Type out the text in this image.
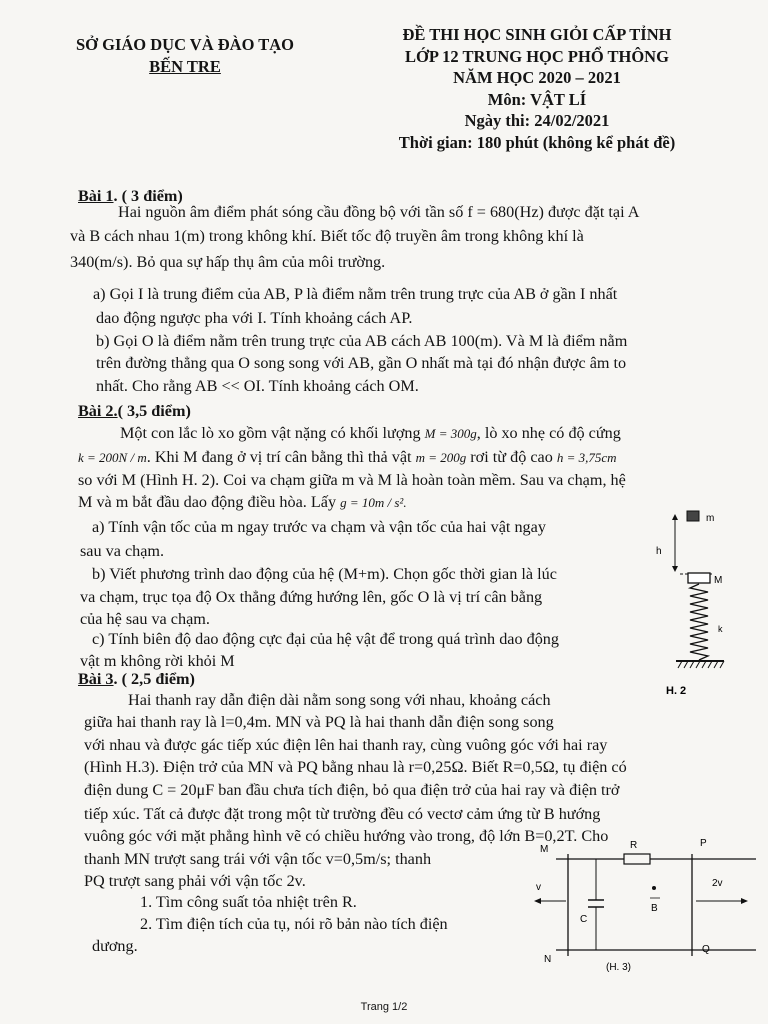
SỞ GIÁO DỤC VÀ ĐÀO TẠO
BẾN TRE
ĐỀ THI HỌC SINH GIỎI CẤP TỈNH
LỚP 12 TRUNG HỌC PHỔ THÔNG
NĂM HỌC 2020 – 2021
Môn: VẬT LÍ
Ngày thi: 24/02/2021
Thời gian: 180 phút (không kể phát đề)
Bài 1. ( 3 điểm)
Hai nguồn âm điểm phát sóng cầu đồng bộ với tần số f = 680(Hz) được đặt tại A
và B cách nhau 1(m) trong không khí. Biết tốc độ truyền âm trong không khí là
340(m/s). Bỏ qua sự hấp thụ âm của môi trường.
a) Gọi I là trung điểm của AB, P là điểm nằm trên trung trực của AB ở gần I nhất
dao động ngược pha với I. Tính khoảng cách AP.
b) Gọi O là điểm nằm trên trung trực của AB cách AB 100(m). Và M là điểm nằm
trên đường thẳng qua O song song với AB, gần O nhất mà tại đó nhận được âm to
nhất. Cho rằng AB << OI. Tính khoảng cách OM.
Bài 2.( 3,5 điểm)
Một con lắc lò xo gồm vật nặng có khối lượng M = 300g, lò xo nhẹ có độ cứng
k = 200N / m. Khi M đang ở vị trí cân bằng thì thả vật m = 200g rơi từ độ cao h = 3,75cm
so với M (Hình H. 2). Coi va chạm giữa m và M là hoàn toàn mềm. Sau va chạm, hệ
M và m bắt đầu dao động điều hòa. Lấy g = 10m / s².
a) Tính vận tốc của m ngay trước va chạm và vận tốc của hai vật ngay
sau va chạm.
b) Viết phương trình dao động của hệ (M+m). Chọn gốc thời gian là lúc
va chạm, trục tọa độ Ox thẳng đứng hướng lên, gốc O là vị trí cân bằng
của hệ sau va chạm.
c) Tính biên độ dao động cực đại của hệ vật để trong quá trình dao động
vật m không rời khỏi M
Bài 3. ( 2,5 điểm)
Hai thanh ray dẫn điện dài nằm song song với nhau, khoảng cách
giữa hai thanh ray là l=0,4m. MN và PQ là hai thanh dẫn điện song song
với nhau và được gác tiếp xúc điện lên hai thanh ray, cùng vuông góc với hai ray
(Hình H.3). Điện trở của MN và PQ bằng nhau là r=0,25Ω. Biết R=0,5Ω, tụ điện có
điện dung C = 20μF ban đầu chưa tích điện, bỏ qua điện trở của hai ray và điện trở
tiếp xúc. Tất cả được đặt trong một từ trường đều có vectơ cảm ứng từ B hướng
vuông góc với mặt phẳng hình vẽ có chiều hướng vào trong, độ lớn B=0,2T. Cho
thanh MN trượt sang trái với vận tốc v=0,5m/s; thanh
PQ trượt sang phải với vận tốc 2v.
1. Tìm công suất tỏa nhiệt trên R.
2. Tìm điện tích của tụ, nói rõ bản nào tích điện
dương.
m
h
M
k
H. 2
R
M
P
N
Q
C
B
v	2v
(H. 3)
Trang 1/2
